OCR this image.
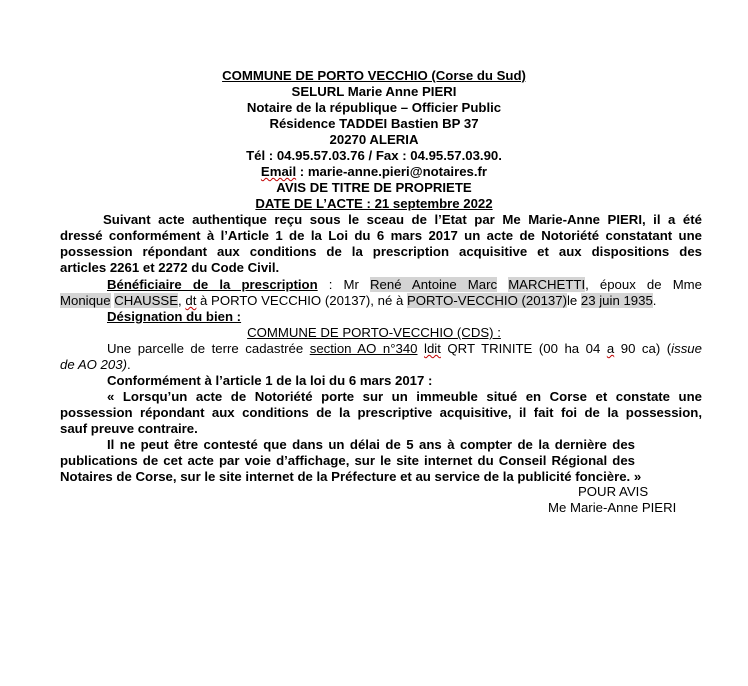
COMMUNE DE PORTO VECCHIO (Corse du Sud)
SELURL Marie Anne PIERI
Notaire de la république – Officier Public
Résidence TADDEI Bastien BP 37
20270 ALERIA
Tél : 04.95.57.03.76 / Fax : 04.95.57.03.90.
Email : marie-anne.pieri@notaires.fr
AVIS DE TITRE DE PROPRIETE
DATE DE L’ACTE : 21 septembre 2022
Suivant acte authentique reçu sous le sceau de l’Etat par Me Marie-Anne PIERI, il a été
dressé conformément à l’Article 1 de la Loi du 6 mars 2017 un acte de Notoriété constatant une
possession répondant aux conditions de la prescription acquisitive et aux dispositions des
articles 2261 et 2272 du Code Civil.
Bénéficiaire de la prescription : Mr René Antoine Marc MARCHETTI, époux de Mme
Monique CHAUSSE, dt à PORTO VECCHIO (20137), né à PORTO-VECCHIO (20137)le 23 juin 1935.
Désignation du bien :
COMMUNE DE PORTO-VECCHIO (CDS) :
Une parcelle de terre cadastrée section AO n°340 ldit QRT TRINITE (00 ha 04 a 90 ca) (issue
de AO 203).
Conformément à l’article 1 de la loi du 6 mars 2017 :
« Lorsqu’un acte de Notoriété porte sur un immeuble situé en Corse et constate une
possession répondant aux conditions de la prescriptive acquisitive, il fait foi de la possession,
sauf preuve contraire.
Il ne peut être contesté que dans un délai de 5 ans à compter de la dernière des
publications de cet acte par voie d’affichage, sur le site internet du Conseil Régional des
Notaires de Corse, sur le site internet de la Préfecture et au service de la publicité foncière. »
POUR AVIS
Me Marie-Anne PIERI
